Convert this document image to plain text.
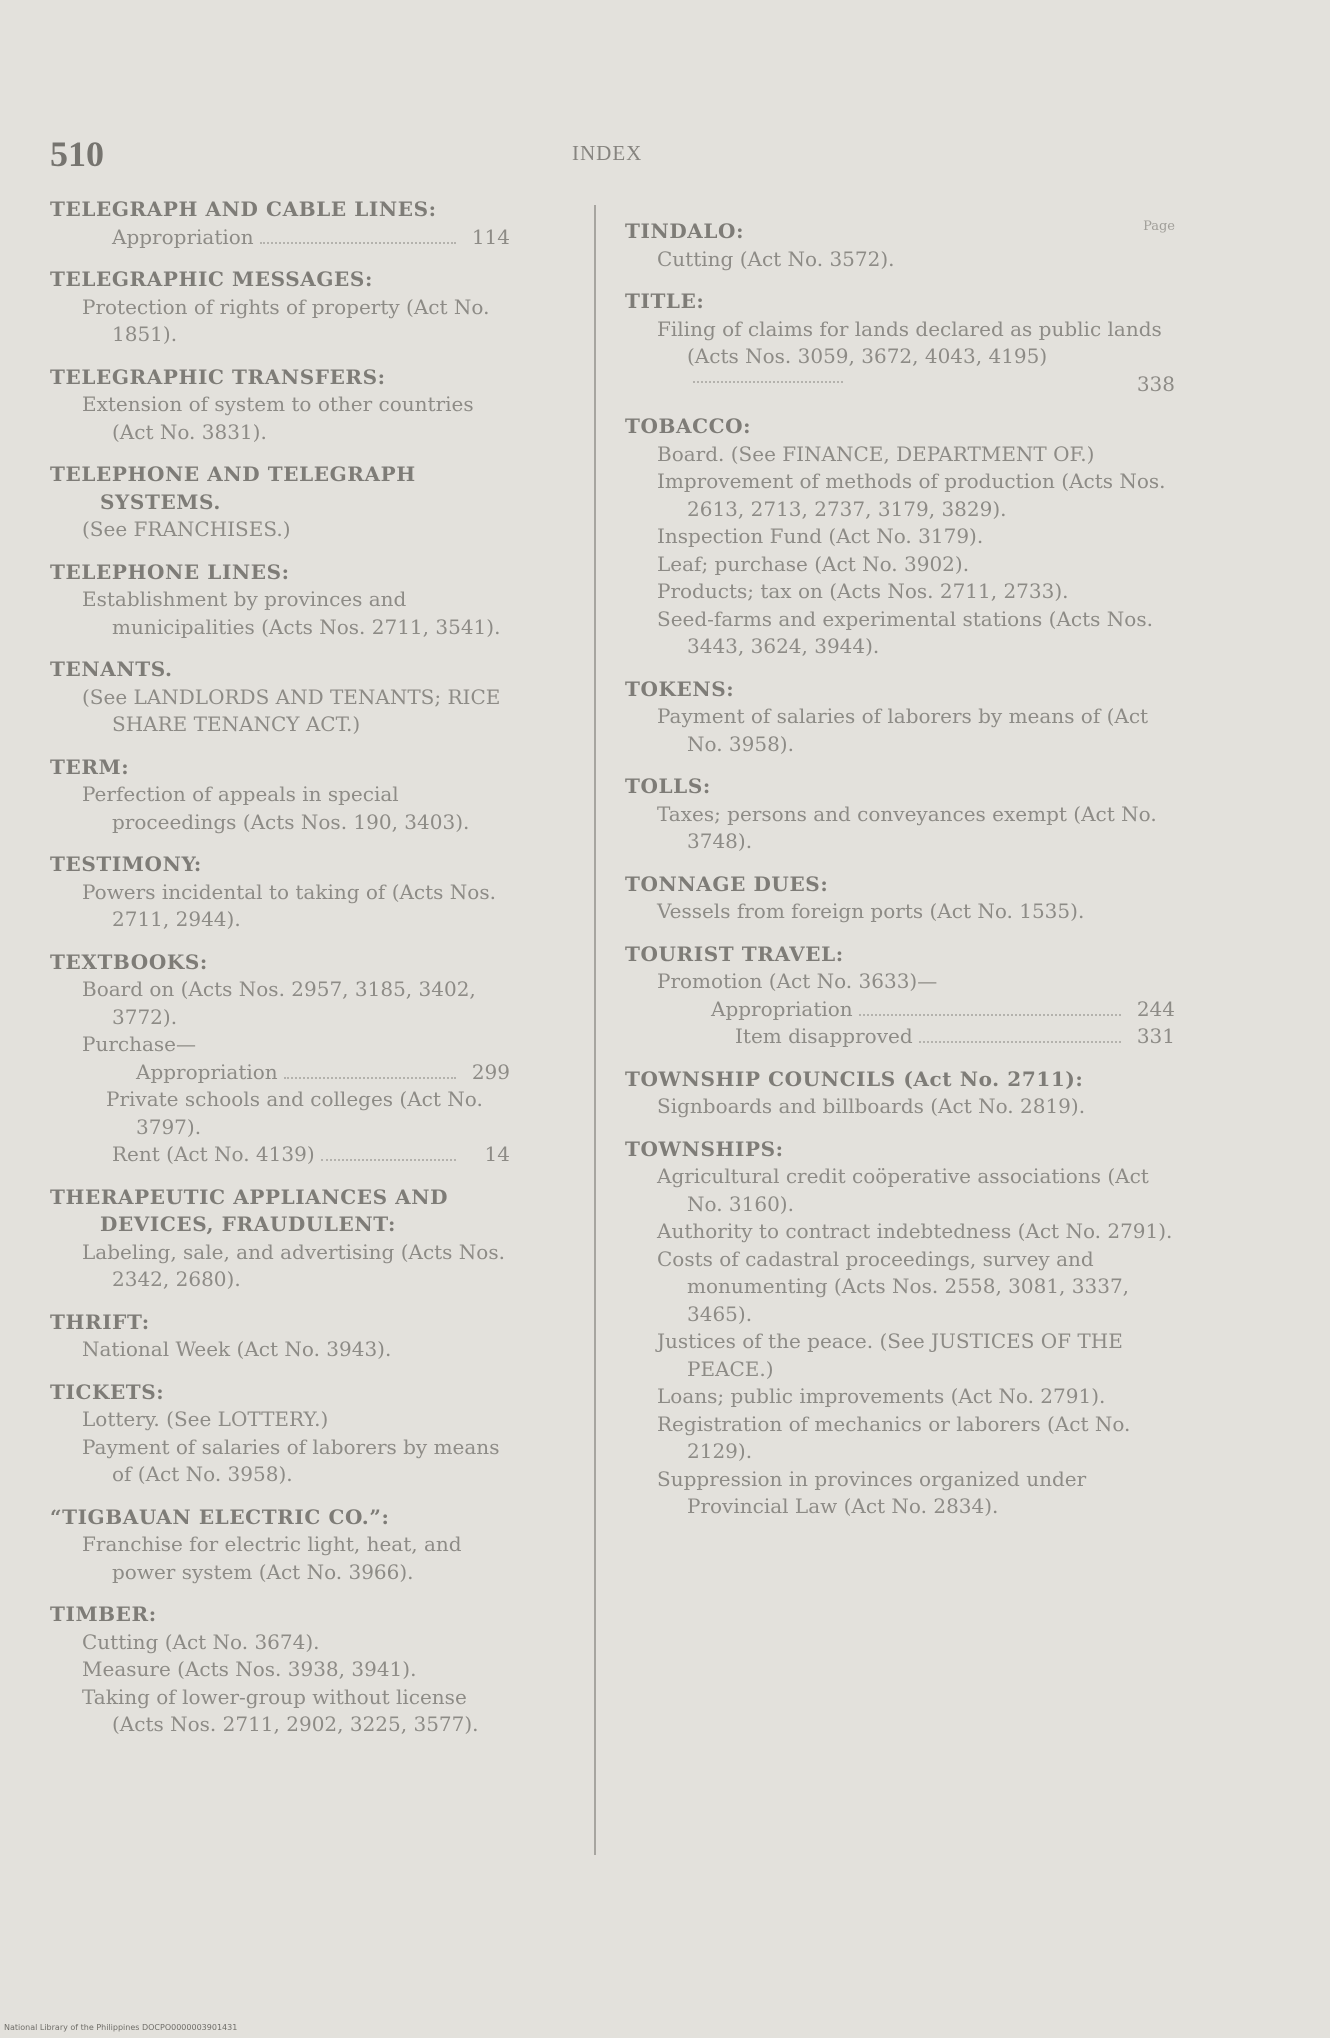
510	INDEX
TELEGRAPH AND CABLE LINES:
Appropriation	114
TELEGRAPHIC MESSAGES:
Protection of rights of property (Act No. 1851).
TELEGRAPHIC TRANSFERS:
Extension of system to other countries (Act No. 3831).
TELEPHONE AND TELEGRAPH SYSTEMS.
(See FRANCHISES.)
TELEPHONE LINES:
Establishment by provinces and municipalities (Acts Nos. 2711, 3541).
TENANTS.
(See LANDLORDS AND TENANTS; RICE SHARE TENANCY ACT.)
TERM:
Perfection of appeals in special proceedings (Acts Nos. 190, 3403).
TESTIMONY:
Powers incidental to taking of (Acts Nos. 2711, 2944).
TEXTBOOKS:
Board on (Acts Nos. 2957, 3185, 3402, 3772).
Purchase—
Appropriation	299
Private schools and colleges (Act No. 3797).
Rent (Act No. 4139)	14
THERAPEUTIC APPLIANCES AND DEVICES, FRAUDULENT:
Labeling, sale, and advertising (Acts Nos. 2342, 2680).
THRIFT:
National Week (Act No. 3943).
TICKETS:
Lottery. (See LOTTERY.)
Payment of salaries of laborers by means of (Act No. 3958).
“TIGBAUAN ELECTRIC CO.”:
Franchise for electric light, heat, and power system (Act No. 3966).
TIMBER:
Cutting (Act No. 3674).
Measure (Acts Nos. 3938, 3941).
Taking of lower-group without license (Acts Nos. 2711, 2902, 3225, 3577).
Page
TINDALO:
Cutting (Act No. 3572).
TITLE:
Filing of claims for lands declared as public lands (Acts Nos. 3059, 3672, 4043, 4195)
338
TOBACCO:
Board. (See FINANCE, DEPARTMENT OF.)
Improvement of methods of production (Acts Nos. 2613, 2713, 2737, 3179, 3829).
Inspection Fund (Act No. 3179).
Leaf; purchase (Act No. 3902).
Products; tax on (Acts Nos. 2711, 2733).
Seed-farms and experimental stations (Acts Nos. 3443, 3624, 3944).
TOKENS:
Payment of salaries of laborers by means of (Act No. 3958).
TOLLS:
Taxes; persons and conveyances exempt (Act No. 3748).
TONNAGE DUES:
Vessels from foreign ports (Act No. 1535).
TOURIST TRAVEL:
Promotion (Act No. 3633)—
Appropriation	244
Item disapproved	331
TOWNSHIP COUNCILS (Act No. 2711):
Signboards and billboards (Act No. 2819).
TOWNSHIPS:
Agricultural credit coöperative associations (Act No. 3160).
Authority to contract indebtedness (Act No. 2791).
Costs of cadastral proceedings, survey and monumenting (Acts Nos. 2558, 3081, 3337, 3465).
Justices of the peace. (See JUSTICES OF THE PEACE.)
Loans; public improvements (Act No. 2791).
Registration of mechanics or laborers (Act No. 2129).
Suppression in provinces organized under Provincial Law (Act No. 2834).
National Library of the Philippines DOCPO0000003901431
